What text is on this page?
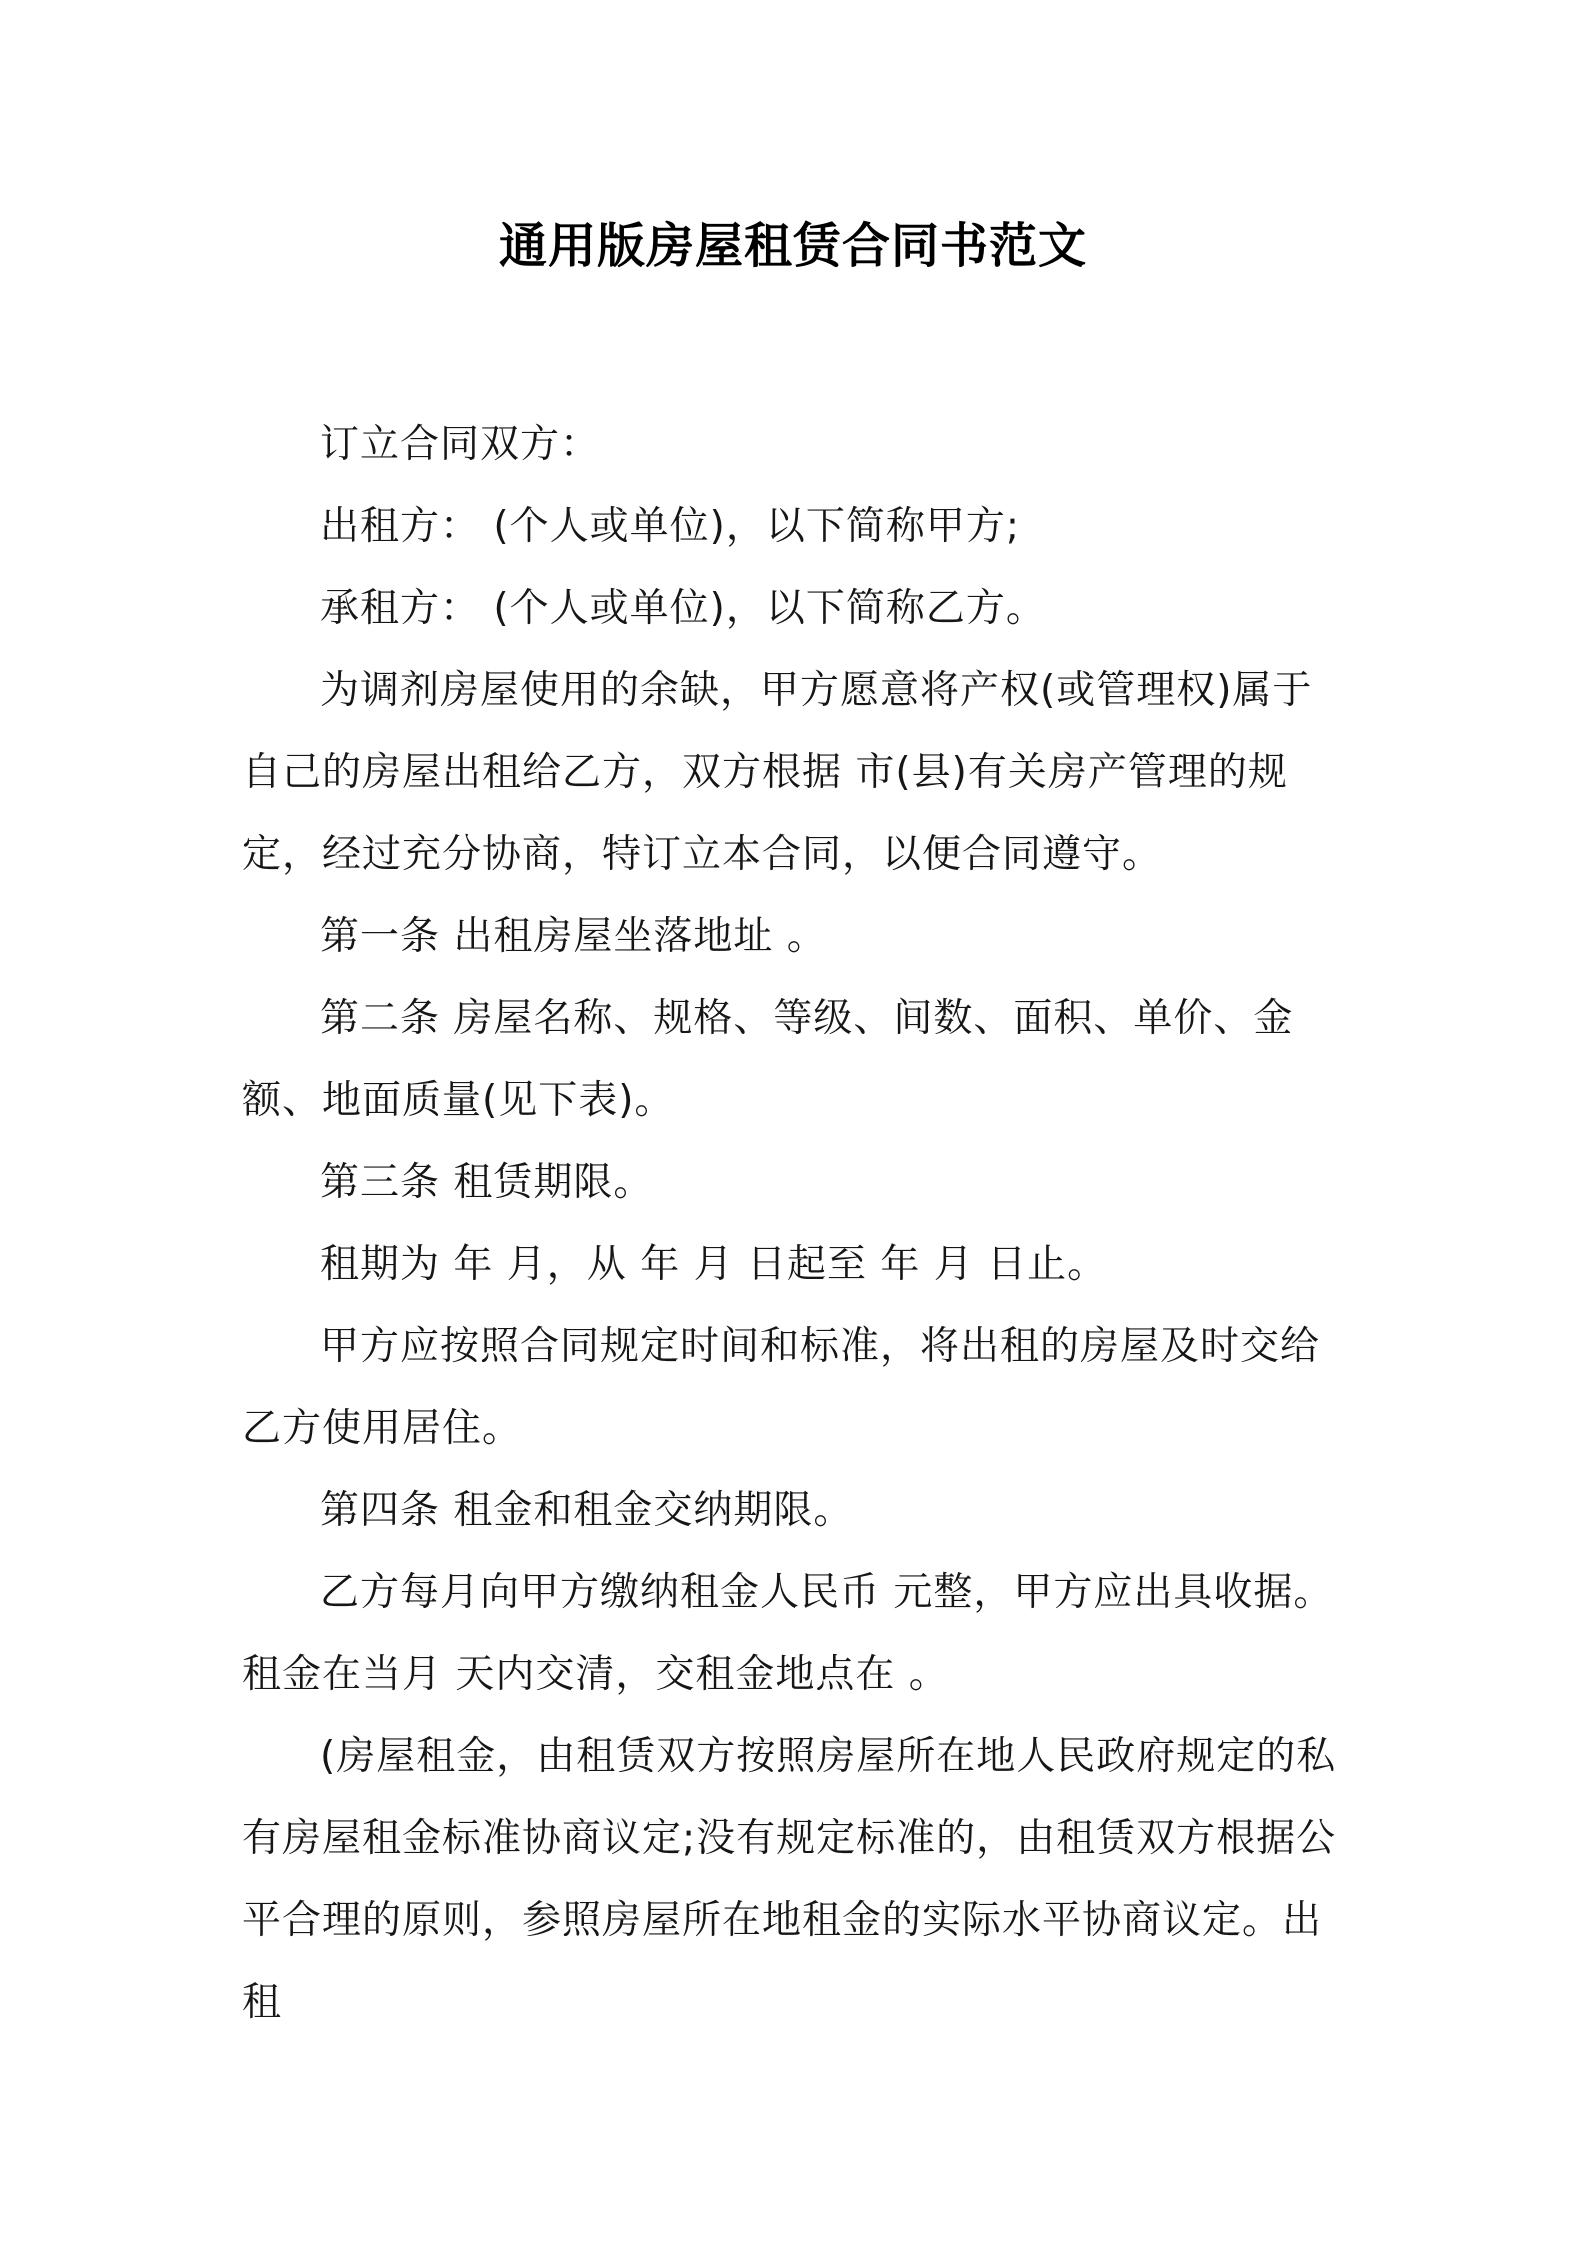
通用版房屋租赁合同书范文

订立合同双方：

出租方： (个人或单位)，以下简称甲方;

承租方： (个人或单位)，以下简称乙方。

为调剂房屋使用的余缺，甲方愿意将产权(或管理权)属于自己的房屋出租给乙方，双方根据 市(县)有关房产管理的规定，经过充分协商，特订立本合同，以便合同遵守。

第一条 出租房屋坐落地址 。

第二条 房屋名称、规格、等级、间数、面积、单价、金额、地面质量(见下表)。

第三条 租赁期限。

租期为 年 月，从 年 月 日起至 年 月 日止。

甲方应按照合同规定时间和标准，将出租的房屋及时交给乙方使用居住。

第四条 租金和租金交纳期限。

乙方每月向甲方缴纳租金人民币 元整，甲方应出具收据。租金在当月 天内交清，交租金地点在 。

(房屋租金，由租赁双方按照房屋所在地人民政府规定的私有房屋租金标准协商议定;没有规定标准的，由租赁双方根据公平合理的原则，参照房屋所在地租金的实际水平协商议定。出租
